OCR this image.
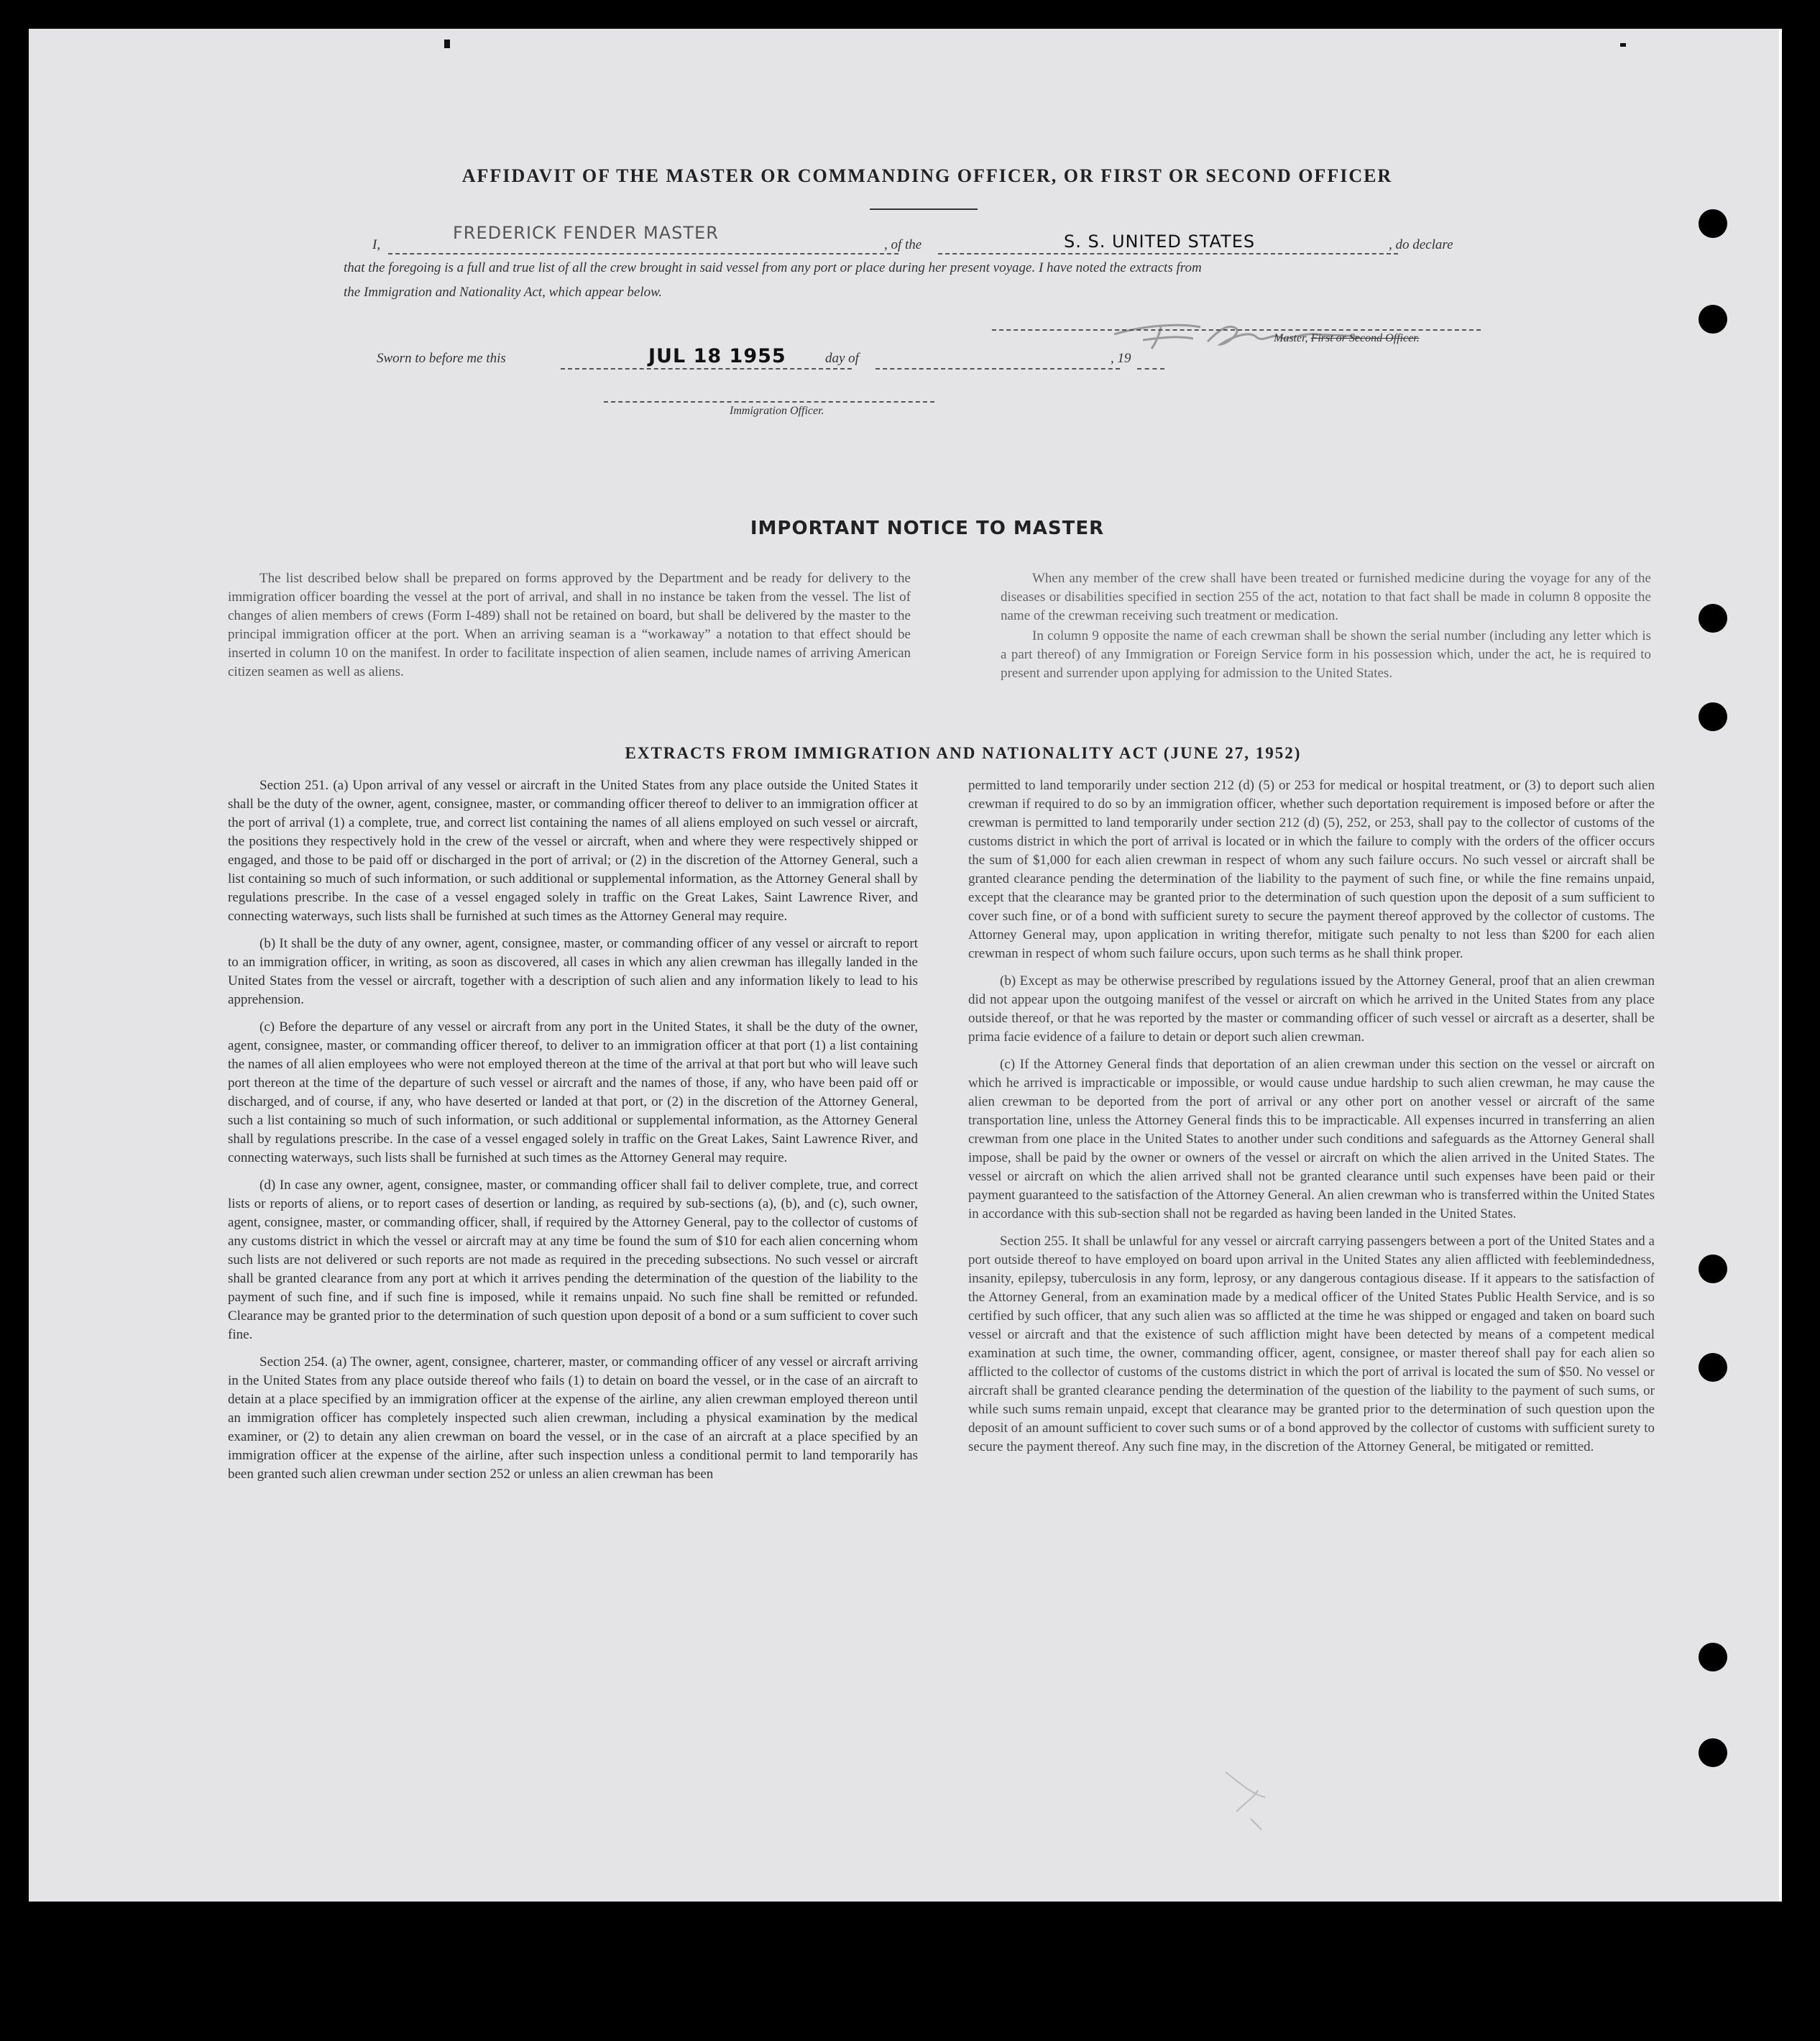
AFFIDAVIT OF THE MASTER OR COMMANDING OFFICER, OR FIRST OR SECOND OFFICER
I,
FREDERICK FENDER MASTER
, of the	S. S. UNITED STATES	, do declare
that the foregoing is a full and true list of all the crew brought in said vessel from any port or place during her present voyage. I have noted the extracts from
the Immigration and Nationality Act, which appear below.
JUL 18 1955
Master, First or Second Officer.
Sworn to before me this	day of	, 19
Immigration Officer.
IMPORTANT NOTICE TO MASTER

The list described below shall be prepared on forms approved by the Department and be ready for delivery to the immigration officer boarding the vessel at the port of arrival, and shall in no instance be taken from the vessel. The list of changes of alien members of crews (Form I-489) shall not be retained on board, but shall be delivered by the master to the principal immigration officer at the port. When an arriving seaman is a “workaway” a notation to that effect should be inserted in column 10 on the manifest. In order to facilitate inspection of alien seamen, include names of arriving American citizen seamen as well as aliens.

When any member of the crew shall have been treated or furnished medicine during the voyage for any of the diseases or disabilities specified in section 255 of the act, notation to that fact shall be made in column 8 opposite the name of the crewman receiving such treatment or medication.

In column 9 opposite the name of each crewman shall be shown the serial number (including any letter which is a part thereof) of any Immigration or Foreign Service form in his possession which, under the act, he is required to present and surrender upon applying for admission to the United States.

EXTRACTS FROM IMMIGRATION AND NATIONALITY ACT (JUNE 27, 1952)

Section 251. (a) Upon arrival of any vessel or aircraft in the United States from any place outside the United States it shall be the duty of the owner, agent, consignee, master, or commanding officer thereof to deliver to an immigration officer at the port of arrival (1) a complete, true, and correct list containing the names of all aliens employed on such vessel or aircraft, the positions they respectively hold in the crew of the vessel or aircraft, when and where they were respectively shipped or engaged, and those to be paid off or discharged in the port of arrival; or (2) in the discretion of the Attorney General, such a list containing so much of such information, or such additional or supplemental information, as the Attorney General shall by regulations prescribe. In the case of a vessel engaged solely in traffic on the Great Lakes, Saint Lawrence River, and connecting waterways, such lists shall be furnished at such times as the Attorney General may require.

(b) It shall be the duty of any owner, agent, consignee, master, or commanding officer of any vessel or aircraft to report to an immigration officer, in writing, as soon as discovered, all cases in which any alien crewman has illegally landed in the United States from the vessel or aircraft, together with a description of such alien and any information likely to lead to his apprehension.

(c) Before the departure of any vessel or aircraft from any port in the United States, it shall be the duty of the owner, agent, consignee, master, or commanding officer thereof, to deliver to an immigration officer at that port (1) a list containing the names of all alien employees who were not employed thereon at the time of the arrival at that port but who will leave such port thereon at the time of the departure of such vessel or aircraft and the names of those, if any, who have been paid off or discharged, and of course, if any, who have deserted or landed at that port, or (2) in the discretion of the Attorney General, such a list containing so much of such information, or such additional or supplemental information, as the Attorney General shall by regulations prescribe. In the case of a vessel engaged solely in traffic on the Great Lakes, Saint Lawrence River, and connecting waterways, such lists shall be furnished at such times as the Attorney General may require.

(d) In case any owner, agent, consignee, master, or commanding officer shall fail to deliver complete, true, and correct lists or reports of aliens, or to report cases of desertion or landing, as required by sub-sections (a), (b), and (c), such owner, agent, consignee, master, or commanding officer, shall, if required by the Attorney General, pay to the collector of customs of any customs district in which the vessel or aircraft may at any time be found the sum of $10 for each alien concerning whom such lists are not delivered or such reports are not made as required in the preceding subsections. No such vessel or aircraft shall be granted clearance from any port at which it arrives pending the determination of the question of the liability to the payment of such fine, and if such fine is imposed, while it remains unpaid. No such fine shall be remitted or refunded. Clearance may be granted prior to the determination of such question upon deposit of a bond or a sum sufficient to cover such fine.

Section 254. (a) The owner, agent, consignee, charterer, master, or commanding officer of any vessel or aircraft arriving in the United States from any place outside thereof who fails (1) to detain on board the vessel, or in the case of an aircraft to detain at a place specified by an immigration officer at the expense of the airline, any alien crewman employed thereon until an immigration officer has completely inspected such alien crewman, including a physical examination by the medical examiner, or (2) to detain any alien crewman on board the vessel, or in the case of an aircraft at a place specified by an immigration officer at the expense of the airline, after such inspection unless a conditional permit to land temporarily has been granted such alien crewman under section 252 or unless an alien crewman has been

permitted to land temporarily under section 212 (d) (5) or 253 for medical or hospital treatment, or (3) to deport such alien crewman if required to do so by an immigration officer, whether such deportation requirement is imposed before or after the crewman is permitted to land temporarily under section 212 (d) (5), 252, or 253, shall pay to the collector of customs of the customs district in which the port of arrival is located or in which the failure to comply with the orders of the officer occurs the sum of $1,000 for each alien crewman in respect of whom any such failure occurs. No such vessel or aircraft shall be granted clearance pending the determination of the liability to the payment of such fine, or while the fine remains unpaid, except that the clearance may be granted prior to the determination of such question upon the deposit of a sum sufficient to cover such fine, or of a bond with sufficient surety to secure the payment thereof approved by the collector of customs. The Attorney General may, upon application in writing therefor, mitigate such penalty to not less than $200 for each alien crewman in respect of whom such failure occurs, upon such terms as he shall think proper.

(b) Except as may be otherwise prescribed by regulations issued by the Attorney General, proof that an alien crewman did not appear upon the outgoing manifest of the vessel or aircraft on which he arrived in the United States from any place outside thereof, or that he was reported by the master or commanding officer of such vessel or aircraft as a deserter, shall be prima facie evidence of a failure to detain or deport such alien crewman.

(c) If the Attorney General finds that deportation of an alien crewman under this section on the vessel or aircraft on which he arrived is impracticable or impossible, or would cause undue hardship to such alien crewman, he may cause the alien crewman to be deported from the port of arrival or any other port on another vessel or aircraft of the same transportation line, unless the Attorney General finds this to be impracticable. All expenses incurred in transferring an alien crewman from one place in the United States to another under such conditions and safeguards as the Attorney General shall impose, shall be paid by the owner or owners of the vessel or aircraft on which the alien arrived in the United States. The vessel or aircraft on which the alien arrived shall not be granted clearance until such expenses have been paid or their payment guaranteed to the satisfaction of the Attorney General. An alien crewman who is transferred within the United States in accordance with this sub-section shall not be regarded as having been landed in the United States.

Section 255. It shall be unlawful for any vessel or aircraft carrying passengers between a port of the United States and a port outside thereof to have employed on board upon arrival in the United States any alien afflicted with feeblemindedness, insanity, epilepsy, tuberculosis in any form, leprosy, or any dangerous contagious disease. If it appears to the satisfaction of the Attorney General, from an examination made by a medical officer of the United States Public Health Service, and is so certified by such officer, that any such alien was so afflicted at the time he was shipped or engaged and taken on board such vessel or aircraft and that the existence of such affliction might have been detected by means of a competent medical examination at such time, the owner, commanding officer, agent, consignee, or master thereof shall pay for each alien so afflicted to the collector of customs of the customs district in which the port of arrival is located the sum of $50. No vessel or aircraft shall be granted clearance pending the determination of the question of the liability to the payment of such sums, or while such sums remain unpaid, except that clearance may be granted prior to the determination of such question upon the deposit of an amount sufficient to cover such sums or of a bond approved by the collector of customs with sufficient surety to secure the payment thereof. Any such fine may, in the discretion of the Attorney General, be mitigated or remitted.
